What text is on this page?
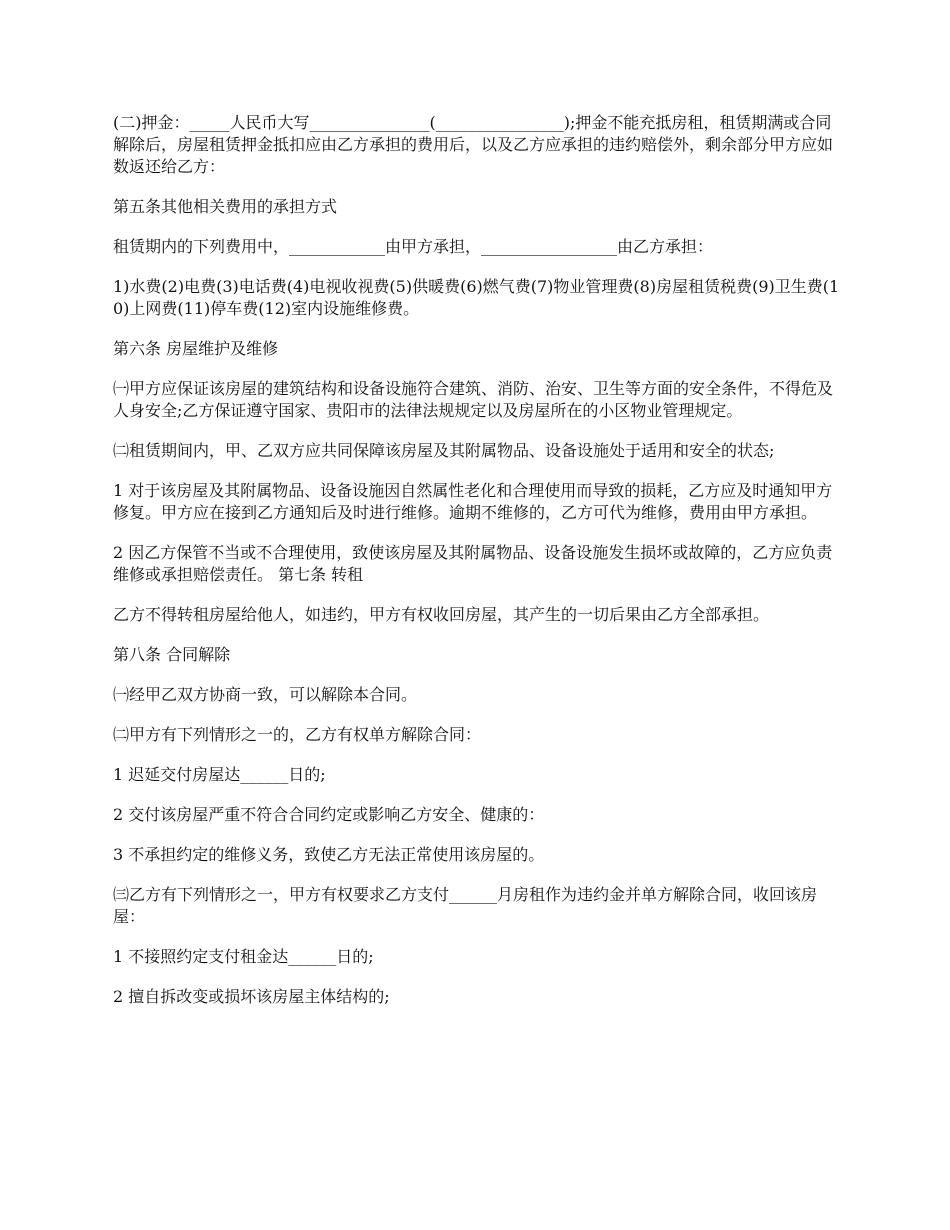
(二)押金：_____人民币大写_______________(________________);押金不能充抵房租，租赁期满或合同解除后，房屋租赁押金抵扣应由乙方承担的费用后，以及乙方应承担的违约赔偿外，剩余部分甲方应如数返还给乙方：

第五条其他相关费用的承担方式

租赁期内的下列费用中，____________由甲方承担，_________________由乙方承担：

1)水费(2)电费(3)电话费(4)电视收视费(5)供暖费(6)燃气费(7)物业管理费(8)房屋租赁税费(9)卫生费(10)上网费(11)停车费(12)室内设施维修费。

第六条 房屋维护及维修

㈠甲方应保证该房屋的建筑结构和设备设施符合建筑、消防、治安、卫生等方面的安全条件，不得危及人身安全;乙方保证遵守国家、贵阳市的法律法规规定以及房屋所在的小区物业管理规定。

㈡租赁期间内，甲、乙双方应共同保障该房屋及其附属物品、设备设施处于适用和安全的状态;

1 对于该房屋及其附属物品、设备设施因自然属性老化和合理使用而导致的损耗，乙方应及时通知甲方修复。甲方应在接到乙方通知后及时进行维修。逾期不维修的，乙方可代为维修，费用由甲方承担。

2 因乙方保管不当或不合理使用，致使该房屋及其附属物品、设备设施发生损坏或故障的，乙方应负责维修或承担赔偿责任。 第七条 转租

乙方不得转租房屋给他人，如违约，甲方有权收回房屋，其产生的一切后果由乙方全部承担。

第八条 合同解除

㈠经甲乙双方协商一致，可以解除本合同。

㈡甲方有下列情形之一的，乙方有权单方解除合同：

1 迟延交付房屋达______日的;

2 交付该房屋严重不符合合同约定或影响乙方安全、健康的：

3 不承担约定的维修义务，致使乙方无法正常使用该房屋的。

㈢乙方有下列情形之一，甲方有权要求乙方支付______月房租作为违约金并单方解除合同，收回该房屋：

1 不接照约定支付租金达______日的;

2 擅自拆改变或损坏该房屋主体结构的;
